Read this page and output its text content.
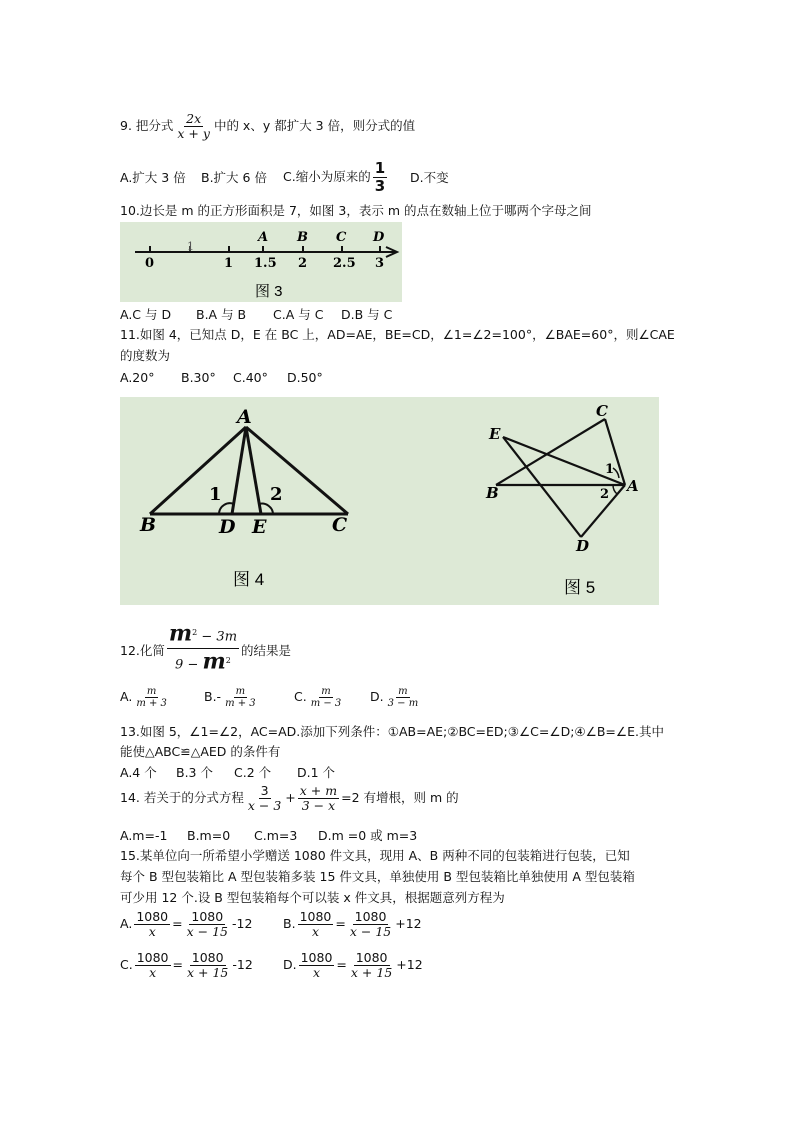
9. 把分式 $\frac{2x}{x + y}$ 中的 x、y 都扩大 3 倍，则分式的值
A.扩大 3 倍 B.扩大 6 倍 C.缩小为原来的 $\frac{1}{3} D$.不变
10.边长是 m 的正方形面积是 7，如图 3，表示 m 的点在数轴上位于哪两个字母之间
A B C D
1
0	1 1.5 2 2.5 3
图 3
A.C 与 D B.A 与 B C.A 与 C D.B 与 C
11.如图 4，已知点 D，E 在 BC 上，AD=AE，BE=CD，∠1=∠2=100°，∠BAE=60°，则∠CAE
的度数为
A.20° B.30° C.40° D.50°
A
B	C
D E
1	2
图 4
C
E
B	A
D
1
2
图 5
12.化简 $\frac{m^2 - 3m}{9 - m^2}$ 的结果是
A. $\frac{m}{m + 3}$	$B.- \frac{m}{m + 3}$	C. $\frac{m}{m - 3} D$. $\frac{m}{3 - m}$
13.如图 5，∠1=∠2，AC=AD.添加下列条件：①AB=AE;②BC=ED;③∠C=∠D;④∠B=∠E.其中
能使△ABC≌△AED 的条件有
A.4 个 B.3 个 C.2 个 D.1 个
14. 若关于的分式方程 $\frac{3}{x - 3} + \frac{x + m}{3 - x} =2$ 有增根，则 m 的
A.m=-1 B.m=0 C.m=3 D.m =0 或 m=3
15.某单位向一所希望小学赠送 1080 件文具，现用 A、B 两种不同的包装箱进行包装，已知
每个 B 型包装箱比 A 型包装箱多装 15 件文具，单独使用 B 型包装箱比单独使用 A 型包装箱
可少用 12 个.设 B 型包装箱每个可以装 x 件文具，根据题意列方程为
A. $\frac{1080}{x} = \frac{1080}{x - 15} -12$ B. $\frac{1080}{x} = \frac{1080}{x - 15} +12$
C. $\frac{1080}{x} = \frac{1080}{x + 15} -12$ D. $\frac{1080}{x} = \frac{1080}{x + 15} +12$
